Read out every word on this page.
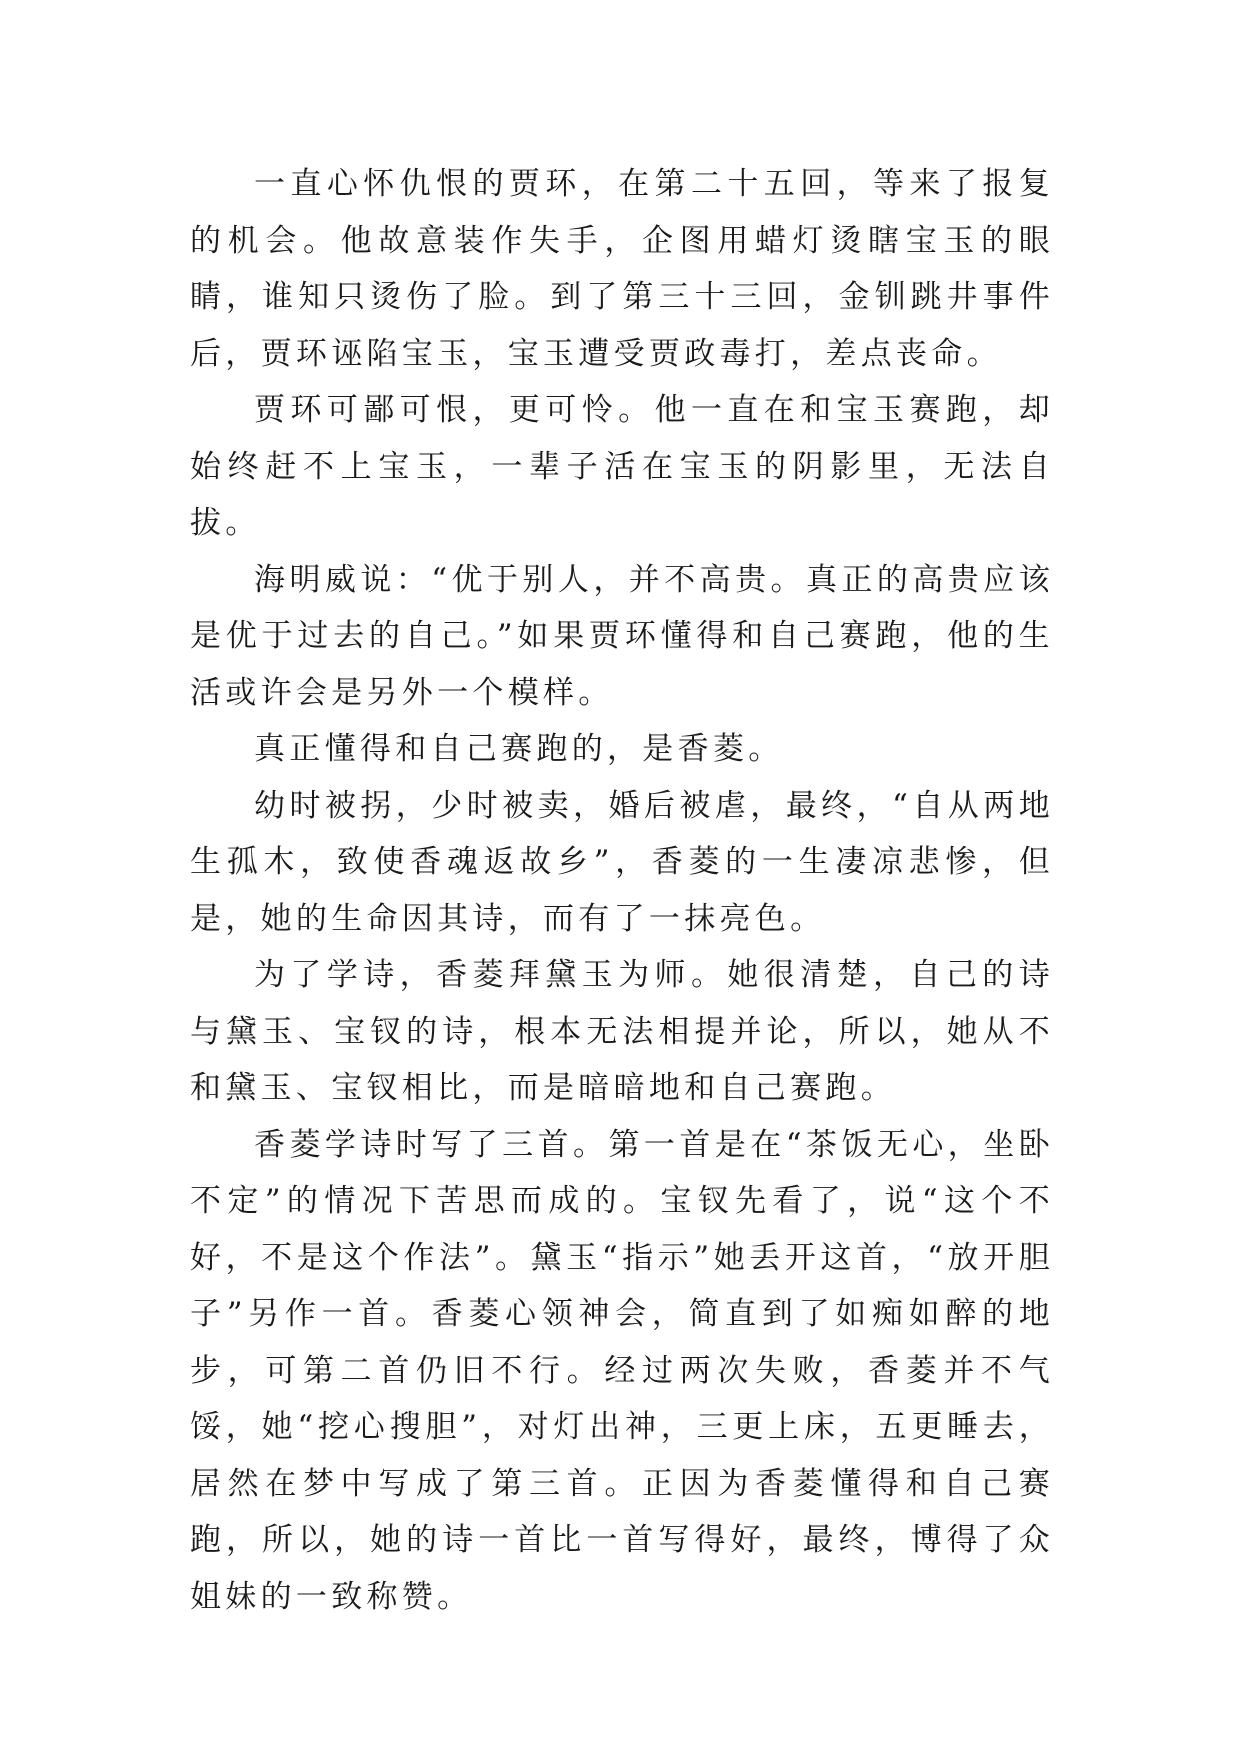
一直心怀仇恨的贾环，在第二十五回，等来了报复的机会。他故意装作失手，企图用蜡灯烫瞎宝玉的眼睛，谁知只烫伤了脸。到了第三十三回，金钏跳井事件后，贾环诬陷宝玉，宝玉遭受贾政毒打，差点丧命。

贾环可鄙可恨，更可怜。他一直在和宝玉赛跑，却始终赶不上宝玉，一辈子活在宝玉的阴影里，无法自拔。

海明威说：“优于别人，并不高贵。真正的高贵应该是优于过去的自己。”如果贾环懂得和自己赛跑，他的生活或许会是另外一个模样。

真正懂得和自己赛跑的，是香菱。

幼时被拐，少时被卖，婚后被虐，最终，“自从两地生孤木，致使香魂返故乡”，香菱的一生凄凉悲惨，但是，她的生命因其诗，而有了一抹亮色。

为了学诗，香菱拜黛玉为师。她很清楚，自己的诗与黛玉、宝钗的诗，根本无法相提并论，所以，她从不和黛玉、宝钗相比，而是暗暗地和自己赛跑。

香菱学诗时写了三首。第一首是在“茶饭无心，坐卧不定”的情况下苦思而成的。宝钗先看了，说“这个不好，不是这个作法”。黛玉“指示”她丢开这首，“放开胆子”另作一首。香菱心领神会，简直到了如痴如醉的地步，可第二首仍旧不行。经过两次失败，香菱并不气馁，她“挖心搜胆”，对灯出神，三更上床，五更睡去，居然在梦中写成了第三首。正因为香菱懂得和自己赛跑，所以，她的诗一首比一首写得好，最终，博得了众姐妹的一致称赞。
